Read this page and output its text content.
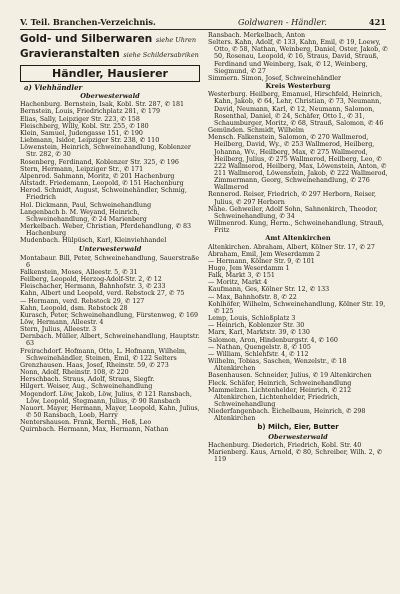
V. Teil. Branchen-Verzeichnis.	Goldwaren - Händler.	421
Gold- und Silberwaren siehe Uhren
Gravieranstalten siehe Schildersabriken
Händler, Hausierer
a) Viehhändler
Oberwesterwald

Hachenburg. Bernstein, Isak, Kobl. Str. 287, ✆ 181

Bernstein, Louis, Friedrichplatz 281, ✆ 179

Elias, Sally, Leipziger Str. 223, ✆ 158

Fleischberg, Willy, Kobl. Str. 255, ✆ 180

Klein, Samuel, Judengasse 151, ✆ 190

Liebmann, Isidor, Leipziger Str. 238, ✆ 110

Löwenstein, Heinrich, Schweinehandlung, Koblenzer Str. 282, ✆ 30

Rosenberg, Ferdinand, Koblenzer Str. 325, ✆ 196

Stern, Hermann, Leipziger Str., ✆ 171

Alpenrod. Sahmann, Moritz, ✆ 201 Hachenburg

Altstadt. Friedemann, Leopold, ✆ 151 Hachenburg

Herod. Schmidt, August, Schweinehändler, Schmig, Friedrich

Hol. Dickmann, Paul, Schweinehandlung

Langenbach b. M. Weyand, Heinrich, Schweinehandlung, ✆ 24 Marienberg

Merkelbach. Weber, Christian, Pferdehandlung, ✆ 83 Hachenburg

Mudenbach. Hülpüsch, Karl, Kleinviehhandel

Unterwesterwald

Montabaur. Bill, Peter, Schweinehandlung, Sauerstraße 6

Falkenstein, Moses, Alleestr. 5, ✆ 31

Feilberg, Leopold, Herzog-Adolf-Str. 2, ✆ 12

Fleischacher, Hermann, Bahnhofstr. 3, ✆ 233

Kahn, Albert und Leopold, verd. Rebstock 27, ✆ 75

— Hermann, verd. Rebstock 29, ✆ 127

Kahn, Leopold, dsm. Rebstock 28

Kurasch, Peter, Schweinehandlung, Fürstenweg, ✆ 169

Löw, Hermann, Alleestr. 4

Stern, Julius, Alleestr. 3

Dernbach. Müller, Albert, Schweinehandlung, Hauptstr. 63

Freirachdorf. Hofmann, Otto, L. Hofmann, Wilhelm, Schweinehändler, Steinen, Emil, ✆ 122 Selters

Grenzhausen. Haas, Josef, Rheinstr. 59, ✆ 273

Nonn, Adolf, Rheinstr. 108, ✆ 220

Herschbach. Straus, Adolf, Straus, Siegfr.

Hilgert. Weiser, Aug., Schweinehandlung

Mogendorf. Löw, Jakob, Löw, Julius, ✆ 121 Ransbach, Löw, Leopold, Stegmann, Julius, ✆ 90 Ransbach

Nauort. Mayer, Hermann, Mayer, Leopold, Kahn, Julius, ✆ 50 Ransbach, Loeb, Harry

Nentershausen. Frank, Bernh., Heß, Leo

Quirnbach. Hermann, Max, Hermann, Nathan

Ransbach. Merkelbach, Anton

Selters. Kahn, Adolf, ✆ 133, Kahn, Emil, ✆ 19, Loewy, Otto, ✆ 58, Nathan, Weinberg, Daniel, Oster, Jakob, ✆ 50, Rosenau, Leopold, ✆ 16, Straus, David, Strauß, Ferdinand und Weinberg, Isak, ✆ 12, Weinberg, Siegmund, ✆ 27

Simmern. Simon, Josef, Schweinehändler

Kreis Westerburg

Westerburg. Heilberg, Emanuel, Hirschfeld, Heinrich, Kahn, Jakob, ✆ 64, Lehr, Christian, ✆ 73, Neumann, David, Neumann, Karl, ✆ 12, Neumann, Salomon, Rosenthal, Daniel, ✆ 24, Schäfer, Otto I., ✆ 31, Schaumburger, Moritz, ✆ 68, Strauß, Salomon, ✆ 46

Gemünden. Schmidt, Wilhelm

Mensch. Falkenstein, Salomon, ✆ 270 Wallmerod, Heilberg, David, Wy., ✆ 253 Wallmerod, Heilberg, Johanna, Wv., Heilberg, Max, ✆ 275 Wallmerod, Heilberg, Julius, ✆ 275 Wallmerod, Heilberg, Leo, ✆ 222 Wallmerod, Heilberg, Max, Löwenstein, Anton, ✆ 211 Wallmerod, Löwenstein, Jakob, ✆ 222 Wallmerod, Zimmermann, Georg, Schweinehandlung, ✆ 276 Wallmerod

Rennerod. Reiser, Friedrich, ✆ 297 Herborn, Reiser, Julius, ✆ 297 Herborn

Nähe. Gehweiler, Adolf Sohn, Sahnenkirch, Theodor, Schweinehandlung, ✆ 34

Willmenrod. Kung, Herm., Schweinehandlung, Strauß, Fritz

Amt Altenkirchen

Altenkirchen. Abraham, Albert, Kölner Str. 17, ✆ 27

Abraham, Emil, Jem Weserdamm 2

— Hermann, Kölner Str. 9, ✆ 101

Hugo, Jem Weserdamm 1

Falk, Markt 3, ✆ 151

— Moritz, Markt 4

Kaufmann, Ges, Kölner Str. 12, ✆ 133

— Max, Bahnhofstr. 8, ✆ 22

Kohlhöfer, Wilhelm, Schweinehandlung, Kölner Str. 19, ✆ 125

Lemp, Louis, Schloßplatz 3

— Heinrich, Koblenzer Str. 30

Marx, Karl, Marktstr. 39, ✆ 130

Salomon, Aron, Hindenburgstr. 4, ✆ 160

— Nathan, Quengelstr. 8, ✆ 105

— William, Schlehfstr. 4, ✆ 112

Wilhelm, Tobias, Saschen, Wenzelstr., ✆ 18 Altenkirchen

Basenhausen. Schneider, Julius, ✆ 19 Altenkirchen

Fleck. Schäfer, Heinrich, Schweinehandlung

Mammelzen. Lichtenhelder, Heinrich, ✆ 212 Altenkirchen, Lichtenhelder, Friedrich, Schweinehandlung

Niederfangenbach. Eichelbaum, Heinrich, ✆ 298 Altenkirchen

b) Milch, Eier, Butter
Oberwesterwald

Hachenburg. Diederich, Friedrich, Kobl. Str. 40

Marienberg. Kaus, Arnold, ✆ 80, Schreiber, Wilh. 2, ✆ 119
